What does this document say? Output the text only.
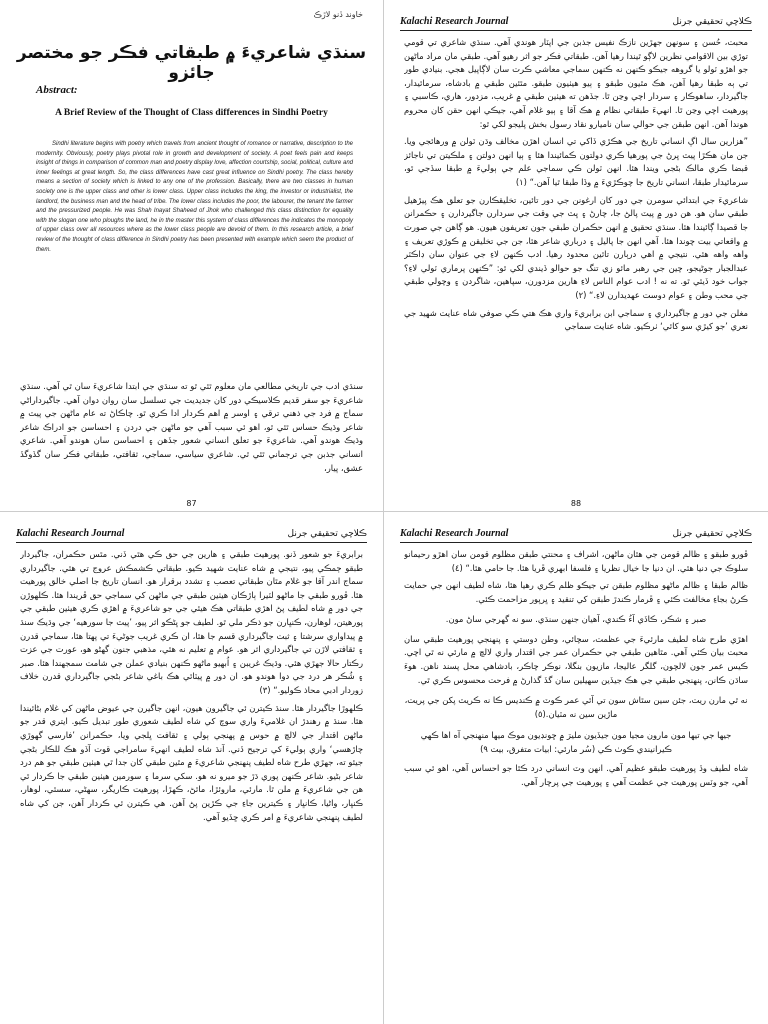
خاوند ڏنو لاڙڪ
سنڌي شاعريءَ ۾ طبقاتي فڪر جو مختصر جائزو
Abstract:
A Brief Review of the Thought of Class differences in Sindhi Poetry
Sindhi literature begins with poetry which travels from ancient thought of romance or narrative, description to the modernity. Obviously, poetry plays pivotal role in growth and development of society. A poet feels pain and keeps insight of things in comparison of common man and poetry display love, affection courtship, social, political, culture and inner feelings at great length. So, the class differences have cast great influence on Sindhi poetry. The class hereby means a section of society which is linked to any one of the profession. Basically, there are two classes in human society one is the upper class and other is lower class. Upper class includes the king, the investor or industrialist, the landlord, the business man and the head of tribe. The lower class includes the poor, the labourer, the tenant the farmer and the pressurized people. He was Shah Inayat Shaheed of Jhok who challenged this class distinction for equality with the slogan one who ploughs the land, he in the master this system of class differences the indicates the monopoly of upper class over all resources where as the lower class people are devoid of them. In this research article, a brief review of the thought of class difference in Sindhi poetry has been presented with example which seem the product of them.
سنڌي ادب جي تاريخي مطالعي مان معلوم ٿئي ٿو ته سنڌي جي ابتدا شاعريءَ سان ٿي آهي. سنڌي شاعريءَ جو سفر قديم ڪلاسيڪي دور کان جديديت جي تسلسل سان روان دوان آهي. جاگيرداراڻي سماج ۾ فرد جي ذهني ترقي ۽ اوسر ۾ اهم ڪردار ادا ڪري ٿو. چاڪاڻ ته عام ماڻهن جي پيٽ ۾ شاعر وڌيڪ حساس ٿئي ٿو، اهو ئي سبب آهي جو ماڻهن جي دردن ۽ احساسن جو ادراڪ شاعر وڌيڪ هوندو آهي. شاعريءَ جو تعلق انساني شعور جڏهن ۽ احساسن سان هوندو آهي. شاعري انساني جذبن جي ترجماني ٿئي ٿي. شاعري سياسي، سماجي، ثقافتي، طبقاتي فڪر سان گڏوگڏ عشق، پيار،
87
Kalachi Research Journal	ڪلاچي تحقيقي جرنل

محبت، حُسن ۽ سونهن جهڙين نازڪ نفيس جذبن جي اپٽار هوندي آهي. سنڌي شاعري تي قومي توڙي بين الاقوامي نظرين لاڳو ٿيندا رهيا آهن. طبقاتي فڪر جو اثر رهيو آهي. طبقي مان مراد ماڻهن جو اهڙو ٽولو يا گروهه جيڪو ڪنهن نه ڪنهن سماجي معاشي ڪرت سان لاڳاپيل هجي. بنيادي طور تي ٻه طبقا رهيا آهن، هڪ مٿيون طبقو ۽ ٻيو هيٺيون طبقو. مٿئين طبقي ۾ بادشاه، سرمائيدار، جاگيردار، ساهوڪار ۽ سردار اچي وڃن ٿا. جڏهن ته هيٺين طبقي ۾ غريب، مزدور، هاري، ڪاسبي ۽ پورهيت اچي وڃن ٿا. انهيءَ طبقاتي نظام ۾ هڪ آقا ۽ ٻيو غلام آهي، جيڪي انهن حقن کان محروم هوندا آهن. انهن طبقن جي حوالي سان ناميارو نقاد رسول بخش پليجو لکي ٿو:

”هزارين سال اڳ انساني تاريخ جي هڪڙي ڏاکي تي انسان اهڙن مخالف وڌن ٽولن ۾ ورهائجي ويا. جن مان هڪڙا پيٽ ڀرڻ جي پورهيا ڪري دولتون ڪمائيندا هئا ۽ ٻيا انهن دولتن ۽ ملڪيتن تي ناجائز قبضا ڪري مالڪ بڻجي ويندا هئا. انهن ٽولن ڪي سماجي علم جي ٻوليءَ ۾ طبقا سڏجي ٿو، سرمائيدار طبقا، انساني تاريخ جا چوڪڙيءَ ۾ وڏا طبقا ٿيا آهن.“ (١)

شاعريءَ جي ابتدائي سومرن جي دور کان ارغونن جي دور تائين، تخليقڪارن جو تعلق هڪ پيڙهيل طبقي سان هو. هن دور ۾ پيٽ پالڻ جا، چارڻ ۽ ڀٽ جي وقت جي سردارن جاگيردارن ۽ حڪمرانن جا قصيدا ڳائيندا هئا. سنڌي تحقيق ۾ انهن حڪمران طبقي جون تعريفون هيون. هو ڳاهن جي صورت ۾ واقعاتي بيت چوندا هئا. آهي انهن جا پاليل ۽ درباري شاعر هئا، جن جي تخليقن ۾ ڪوڙي تعريف ۽ واهه واهه هئي. نتيجي ۾ اهي درٻارن تائين محدود رهيا. ادب ڪنهن لاءِ جي عنوان سان ڊاڪٽر عبدالجبار جوڻيجو، چين جي رهبر مائو زي تنگ جو حوالو ڏيندي لکي ٿو: ”ڪنهن پرماري ٽولي لاءِ؟ جواب خود ڏيئي ٿو. ته نه ! ادب عوام الناس لاءِ هارين مزدورن، سپاهين، شاگردن ۽ وچولي طبقي جي محب وطن ۽ عوام دوست عهديدارن لاءِ.“ (٢)

مغلن جي دور ۾ جاگيرداري ۽ سماجي ابن برابريءَ واري هڪ هتي ڪي صوفي شاه عنايت شهيد جي نعري ’جو کيڙي سو کائي‘ ٺرڪيو. شاه عنايت سماجي

88
Kalachi Research Journal	ڪلاچي تحقيقي جرنل

برابريءَ جو شعور ڏنو. پورهيت طبقي ۽ هارين جي حق ڪي هٿي ڏني. مٿس حڪمران، جاگيردار طبقو ڄمڪي پيو، نتيجي ۾ شاه عنايت شهيد ڪيو. طبقاتي ڪشمڪش عروج تي هئي. جاگيرداري سماج اندر آقا جو غلام مٿان طبقاتي تعصب ۽ تشدد برقرار هو. انسان تاريخ جا اصلي خالق پورهيت هئا. ڦورو طبقي جا ماڻهو لٽيرا ٻاڙڪان هيٺين طبقي جي ماڻهن کي سماجي حق ڦريندا هئا. ڪلهوڙن جي دور ۾ شاه لطيف پڻ اهڙي طبقاتي هڪ هيئي جي جو شاعريءَ ۾ اهڙي ڪري هيٺين طبقي جي پورهيتن، لوهارن، ڪنڀارن جو ذڪر ملي ٿو. لطيف جو ڀڻڪو اثر پيو، ’پيٽ جا سورهيه‘ جي وڌيڪ سنڌ ۾ پيداواري سرشتا ۽ ثبت جاگيرداري قسم جا هئا، ان ڪري غريب جوڻيءَ تي پهتا هئا، سماجي قدرن ۽ ثقافتي لاڙن تي جاگيرداري اثر هو. عوام ۾ تعليم نه هئي، مذهبي جنون گهڻو هو، عورت جي عزت رڪتار حالا جهڙي هئي. وڌيڪ غريبن ۽ اُبهيو ماڻهو ڪنهن بنيادي عملن جي شامت سمجهندا هئا. صبر ۽ شُڪر هر درد جي دوا هوندو هو. ان دور ۾ پيٽائي هڪ باغي شاعر بڻجي جاگيرداري قدرن خلاف زوردار ادبي محاذ ڪوليو.“ (٣)

ڪلهوڙا جاگيردار هئا. سنڌ ڪيترن ئي جاگيرون هيون، انهن جاگيرن جي عيوض ماڻهن کي غلام بڻائيندا هئا. سنڌ ۾ رهندڙ ان غلاميءَ واري سوچ کي شاه لطيف شعوري طور تبديل ڪيو. ايتري قدر جو ماڻهن اقتدار جي لالچ ۾ حوس ۾ پهنجي ٻولي ۽ ثقافت ڀلجي ويا، حڪمرانن ’فارسي گهوڙي چاڙهسي‘ واري ٻوليءَ کي ترجيح ڏني. آنڌ شاه لطيف انهيءَ سامراجي قوت آڏو هڪ للڪار بڻجي جيئو ته، جهڙي طرح شاه لطيف پنهنجي شاعريءَ ۾ مٿين طبقي کان جدا ٿي هيٺين طبقي جو هم درد شاعر بڻيو. شاعر ڪنهن پوري ڌڙ جو ميرو نه هو. سکي سرما ۽ سورمين هيٺين طبقي جا ڪردار ٿي هن جي شاعريءَ ۾ ملن ٿا. مارئي، ماروئڙا، مائڻ، ڪهڙا، پورهيت ڪاريگر، سهڻي، سسئي، لوهار، ڪنڀار، واڻيا، ڪانڀار ۽ ڪيترين جاءِ جي ڪڙين پڻ آهن. هي ڪيترن ئي ڪردار آهن، جن کي شاه لطيف پنهنجي شاعريءَ ۾ امر ڪري ڇڏيو آهي.

Kalachi Research Journal	ڪلاچي تحقيقي جرنل

ڦورو طبقو ۽ ظالم قومن جي هٿان ماڻهن، اشراف ۽ محنتي طبقن مظلوم قومن سان اهڙو رحيمانو سلوڪ جي دنيا هئي. ان دنيا جا خيال نظريا ۽ فلسفا ابهري ڦريا هئا. جا حامي هئا.“ (٤)

ظالم طبقا ۽ ظالم ماڻهو مظلوم طبقن تي جيڪو ظلم ڪري رهيا هئا، شاه لطيف انهن جي حمايت ڪرڻ بجاءِ مخالفت ڪئي ۽ ڦرمار ڪندڙ طبقن کي تنقيد ۽ ڀرپور مزاحمت ڪئي.

صبر ۽ شڪر، ڪاڏي آءُ ڪندي، آهيان جنهن سنڌي. سو نه گهرجي ساڻ مون.

اهڙي طرح شاه لطيف مارئيءَ جي عظمت، سچائي، وطن دوستي ۽ پنهنجي پورهيت طبقي سان محبت بيان ڪئي آهي. مٿاهين طبقي جي حڪمران عمر جي اقتدار واري لالچ ۾ مارئي نه ٿي اچي. ڪيس عمر جون لالچون، گلگر عاليجا، مازيون بنگلا، نوڪر چاڪر، بادشاهي محل پسند ناهن. هوءَ ساڌن ڪانن، پنهنجي طبقي جي هڪ جيڏين سهيلين سان گڏ گذارڻ ۾ فرحت محسوس ڪري ٿي.

نه ٿي مارن ريت، جئن سين سٿاش سون تي آئي عمر ڪوٽ ۾ ڪنديس ڪا نه ڪريٽ پکن جي پريت، ماڙين سين نه مٽيان.(٥)
جيها جي تيها مون مارون مجيا مون جيڏيون مليرَ ۾ ڇونڊيون موڪ ميها منهنجي آه اها ڪهي ڪيرانيندي ڪوٺ ڪي (سُر مارئي: ابيات متفرق، بيت ٩)

شاه لطيف وڏ پورهيت طبقو عظيم آهي. انهن وٽ انساني درد ڪٿا جو احساس آهي، اهو ئي سبب آهي، جو وٽس پورهيت جي عظمت آهي ۽ پورهيت جي پرچار آهي.
